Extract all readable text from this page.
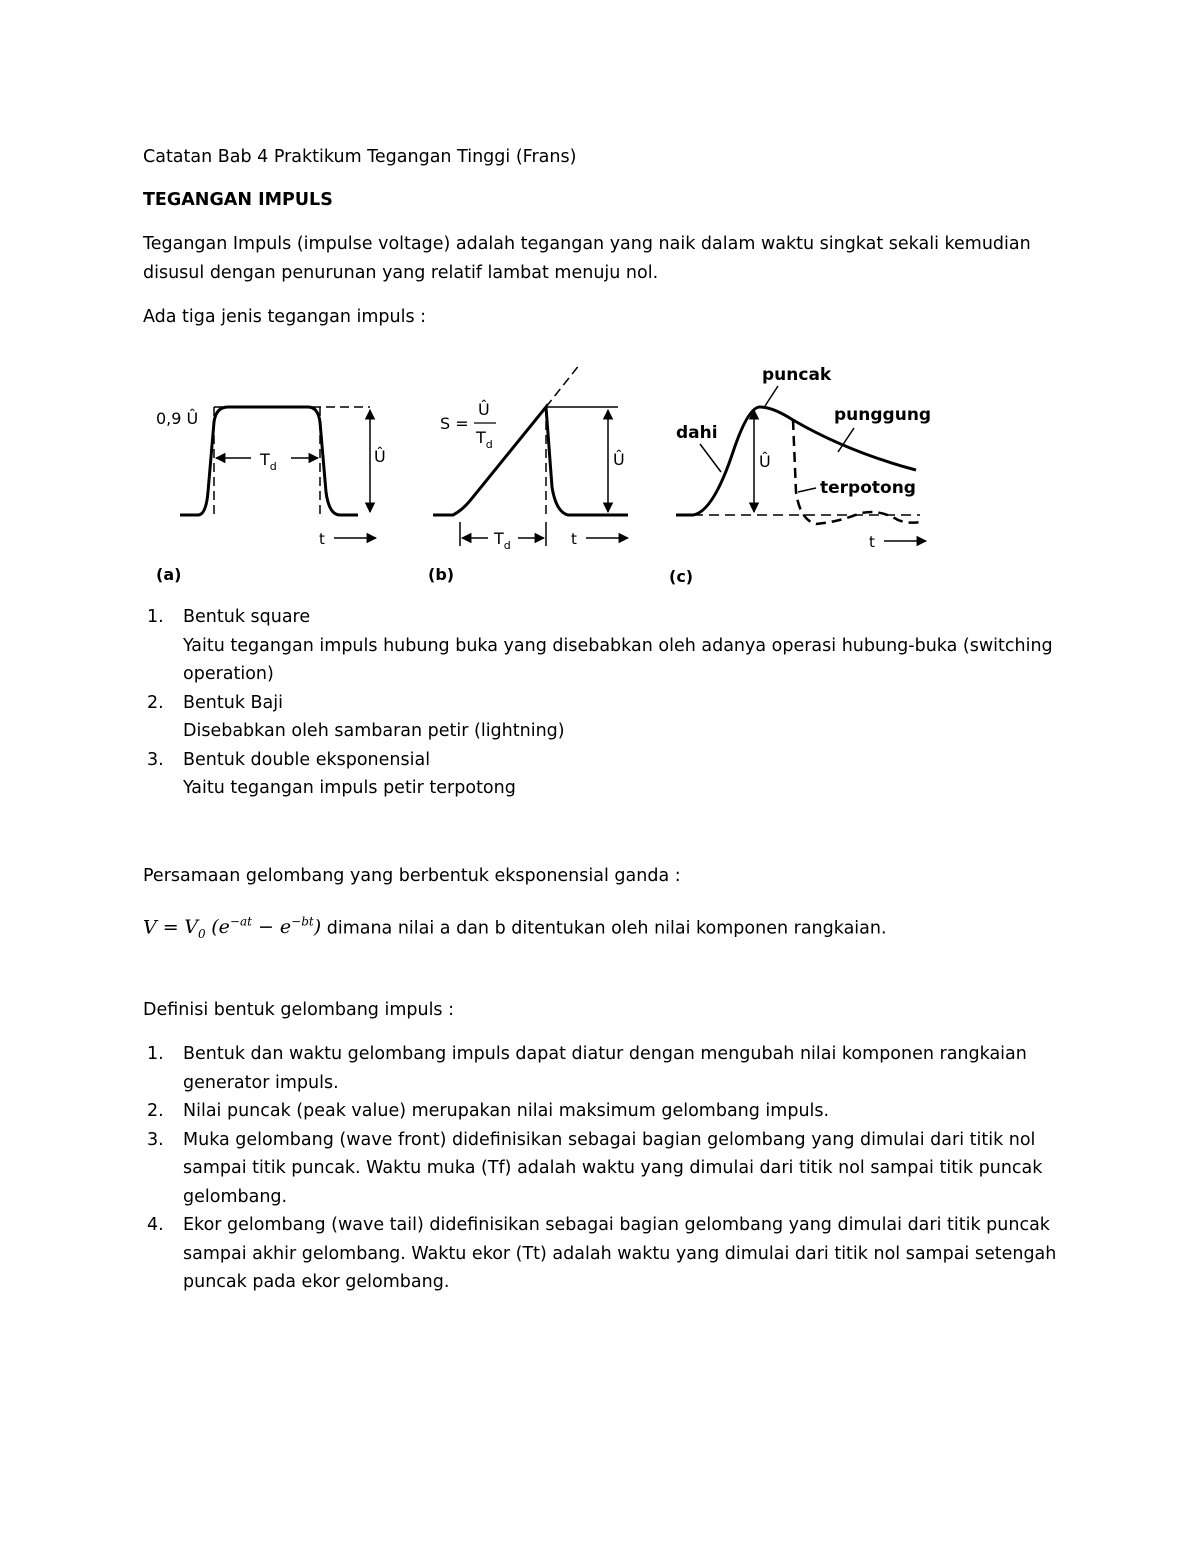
Catatan Bab 4 Praktikum Tegangan Tinggi (Frans)
TEGANGAN IMPULS
Tegangan Impuls (impulse voltage) adalah tegangan yang naik dalam waktu singkat sekali kemudian
disusul dengan penurunan yang relatif lambat menuju nol.
Ada tiga jenis tegangan impuls :
$T_d$
Û
0,9 Û
t
(a)
Û
$T_d$
S =
Û
$T_d$
t
(b)
Û
puncak
dahi
punggung
terpotong
t
(c)
1. Bentuk square
Yaitu tegangan impuls hubung buka yang disebabkan oleh adanya operasi hubung-buka (switching
operation)
2. Bentuk Baji
Disebabkan oleh sambaran petir (lightning)
3. Bentuk double eksponensial
Yaitu tegangan impuls petir terpotong
Persamaan gelombang yang berbentuk eksponensial ganda :
$V = V_0$ $(e^{-at} - e^{-bt})$ dimana nilai a dan b ditentukan oleh nilai komponen rangkaian.
Definisi bentuk gelombang impuls :
1. Bentuk dan waktu gelombang impuls dapat diatur dengan mengubah nilai komponen rangkaian
generator impuls.
2. Nilai puncak (peak value) merupakan nilai maksimum gelombang impuls.
3. Muka gelombang (wave front) didefinisikan sebagai bagian gelombang yang dimulai dari titik nol
sampai titik puncak. Waktu muka (Tf) adalah waktu yang dimulai dari titik nol sampai titik puncak
gelombang.
4. Ekor gelombang (wave tail) didefinisikan sebagai bagian gelombang yang dimulai dari titik puncak
sampai akhir gelombang. Waktu ekor (Tt) adalah waktu yang dimulai dari titik nol sampai setengah
puncak pada ekor gelombang.
